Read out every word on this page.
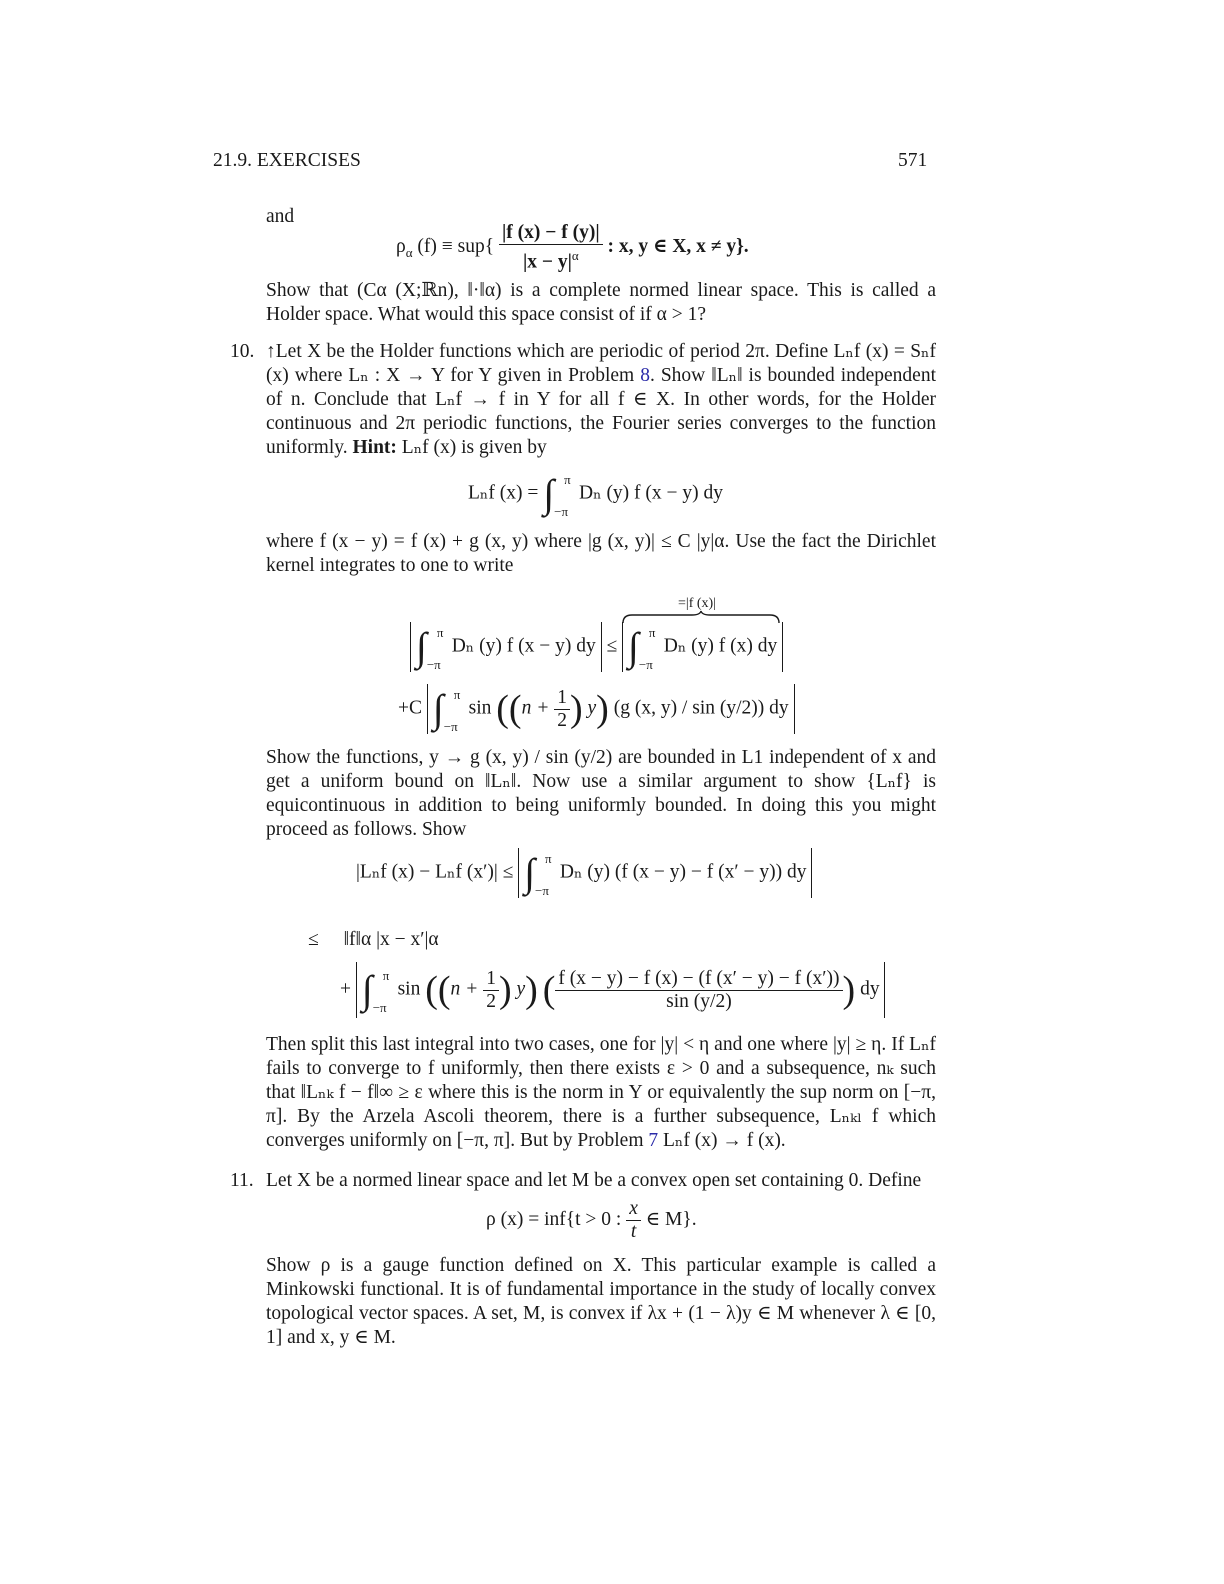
21.9. EXERCISES	571
and
$\rho_\alpha$ $(f) \equiv sup\{ \frac{|f (x) - f (y)|}{|x - y|^\alpha}$ : x, y ∈ X, x ≠ y}.
Show that (Cα (X;ℝn), ‖·‖α) is a complete normed linear space. This is called a Holder space. What would this space consist of if α > 1?
10. ↑Let X be the Holder functions which are periodic of period 2π. Define Lₙf (x) = Sₙf (x) where Lₙ : X → Y for Y given in Problem 8. Show ‖Lₙ‖ is bounded independent of n. Conclude that Lₙf → f in Y for all f ∈ X. In other words, for the Holder continuous and 2π periodic functions, the Fourier series converges to the function uniformly. Hint: Lₙf (x) is given by
Lₙf (x) = ∫ π
−π
Dₙ (y) f (x − y) dy
where f (x − y) = f (x) + g (x, y) where |g (x, y)| ≤ C |y|α. Use the fact the Dirichlet kernel integrates to one to write
=|f (x)|
∫ π
−π
Dₙ (y) f (x − y) dy ≤ ∫ π
−π
Dₙ (y) f (x) dy
+C ∫ π
−π
$\sin ((n + \frac{1}{2}$ ) y) (g (x, y) / sin (y/2)) dy
Show the functions, y → g (x, y) / sin (y/2) are bounded in L1 independent of x and get a uniform bound on ‖Lₙ‖. Now use a similar argument to show {Lₙf} is equicontinuous in addition to being uniformly bounded. In doing this you might proceed as follows. Show
|Lₙf (x) − Lₙf (x′)| ≤ ∫ π
−π
Dₙ (y) (f (x − y) − f (x′ − y)) dy
≤ ‖f‖α |x − x′|α
+ ∫ π
−π
$\sin ((n + \frac{1}{2}$ ) y) ( $\frac{f (x - y) - f (x) - (f (x' - y) - f (x'))}{\sin (y/2)}$ ) dy
Then split this last integral into two cases, one for |y| < η and one where |y| ≥ η. If Lₙf fails to converge to f uniformly, then there exists ε > 0 and a subsequence, nₖ such that ‖Lₙₖ f − f‖∞ ≥ ε where this is the norm in Y or equivalently the sup norm on [−π, π]. By the Arzela Ascoli theorem, there is a further subsequence, Lₙₖₗ f which converges uniformly on [−π, π]. But by Problem 7 Lₙf (x) → f (x).
11. Let X be a normed linear space and let M be a convex open set containing 0. Define
ρ (x) = inf{t > 0 : $\frac{x}{t}$ ∈ M}.
Show ρ is a gauge function defined on X. This particular example is called a Minkowski functional. It is of fundamental importance in the study of locally convex topological vector spaces. A set, M, is convex if λx + (1 − λ)y ∈ M whenever λ ∈ [0, 1] and x, y ∈ M.
